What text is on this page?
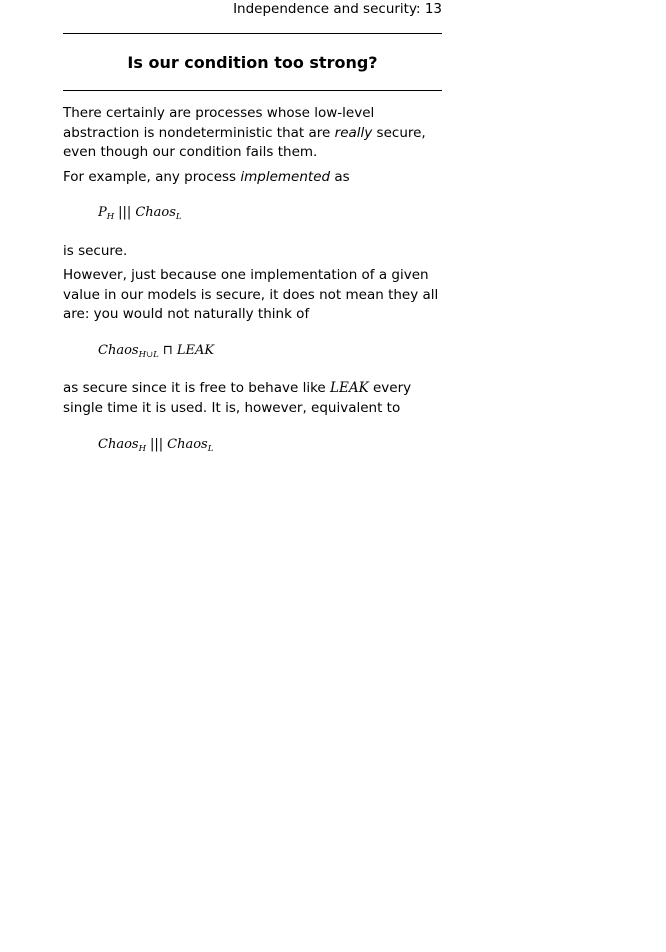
Independence and security: 13
Is our condition too strong?

There certainly are processes whose low-level abstraction is nondeterministic that are really secure, even though our condition fails them.

For example, any process implemented as

$P_H$ ||| Chaos$_L$

is secure.

However, just because one implementation of a given value in our models is secure, it does not mean they all are: you would not naturally think of

Chaos$_{H\cup L}$ ⊓ LEAK

as secure since it is free to behave like LEAK every single time it is used. It is, however, equivalent to

Chaos$_H$ ||| Chaos$_L$
